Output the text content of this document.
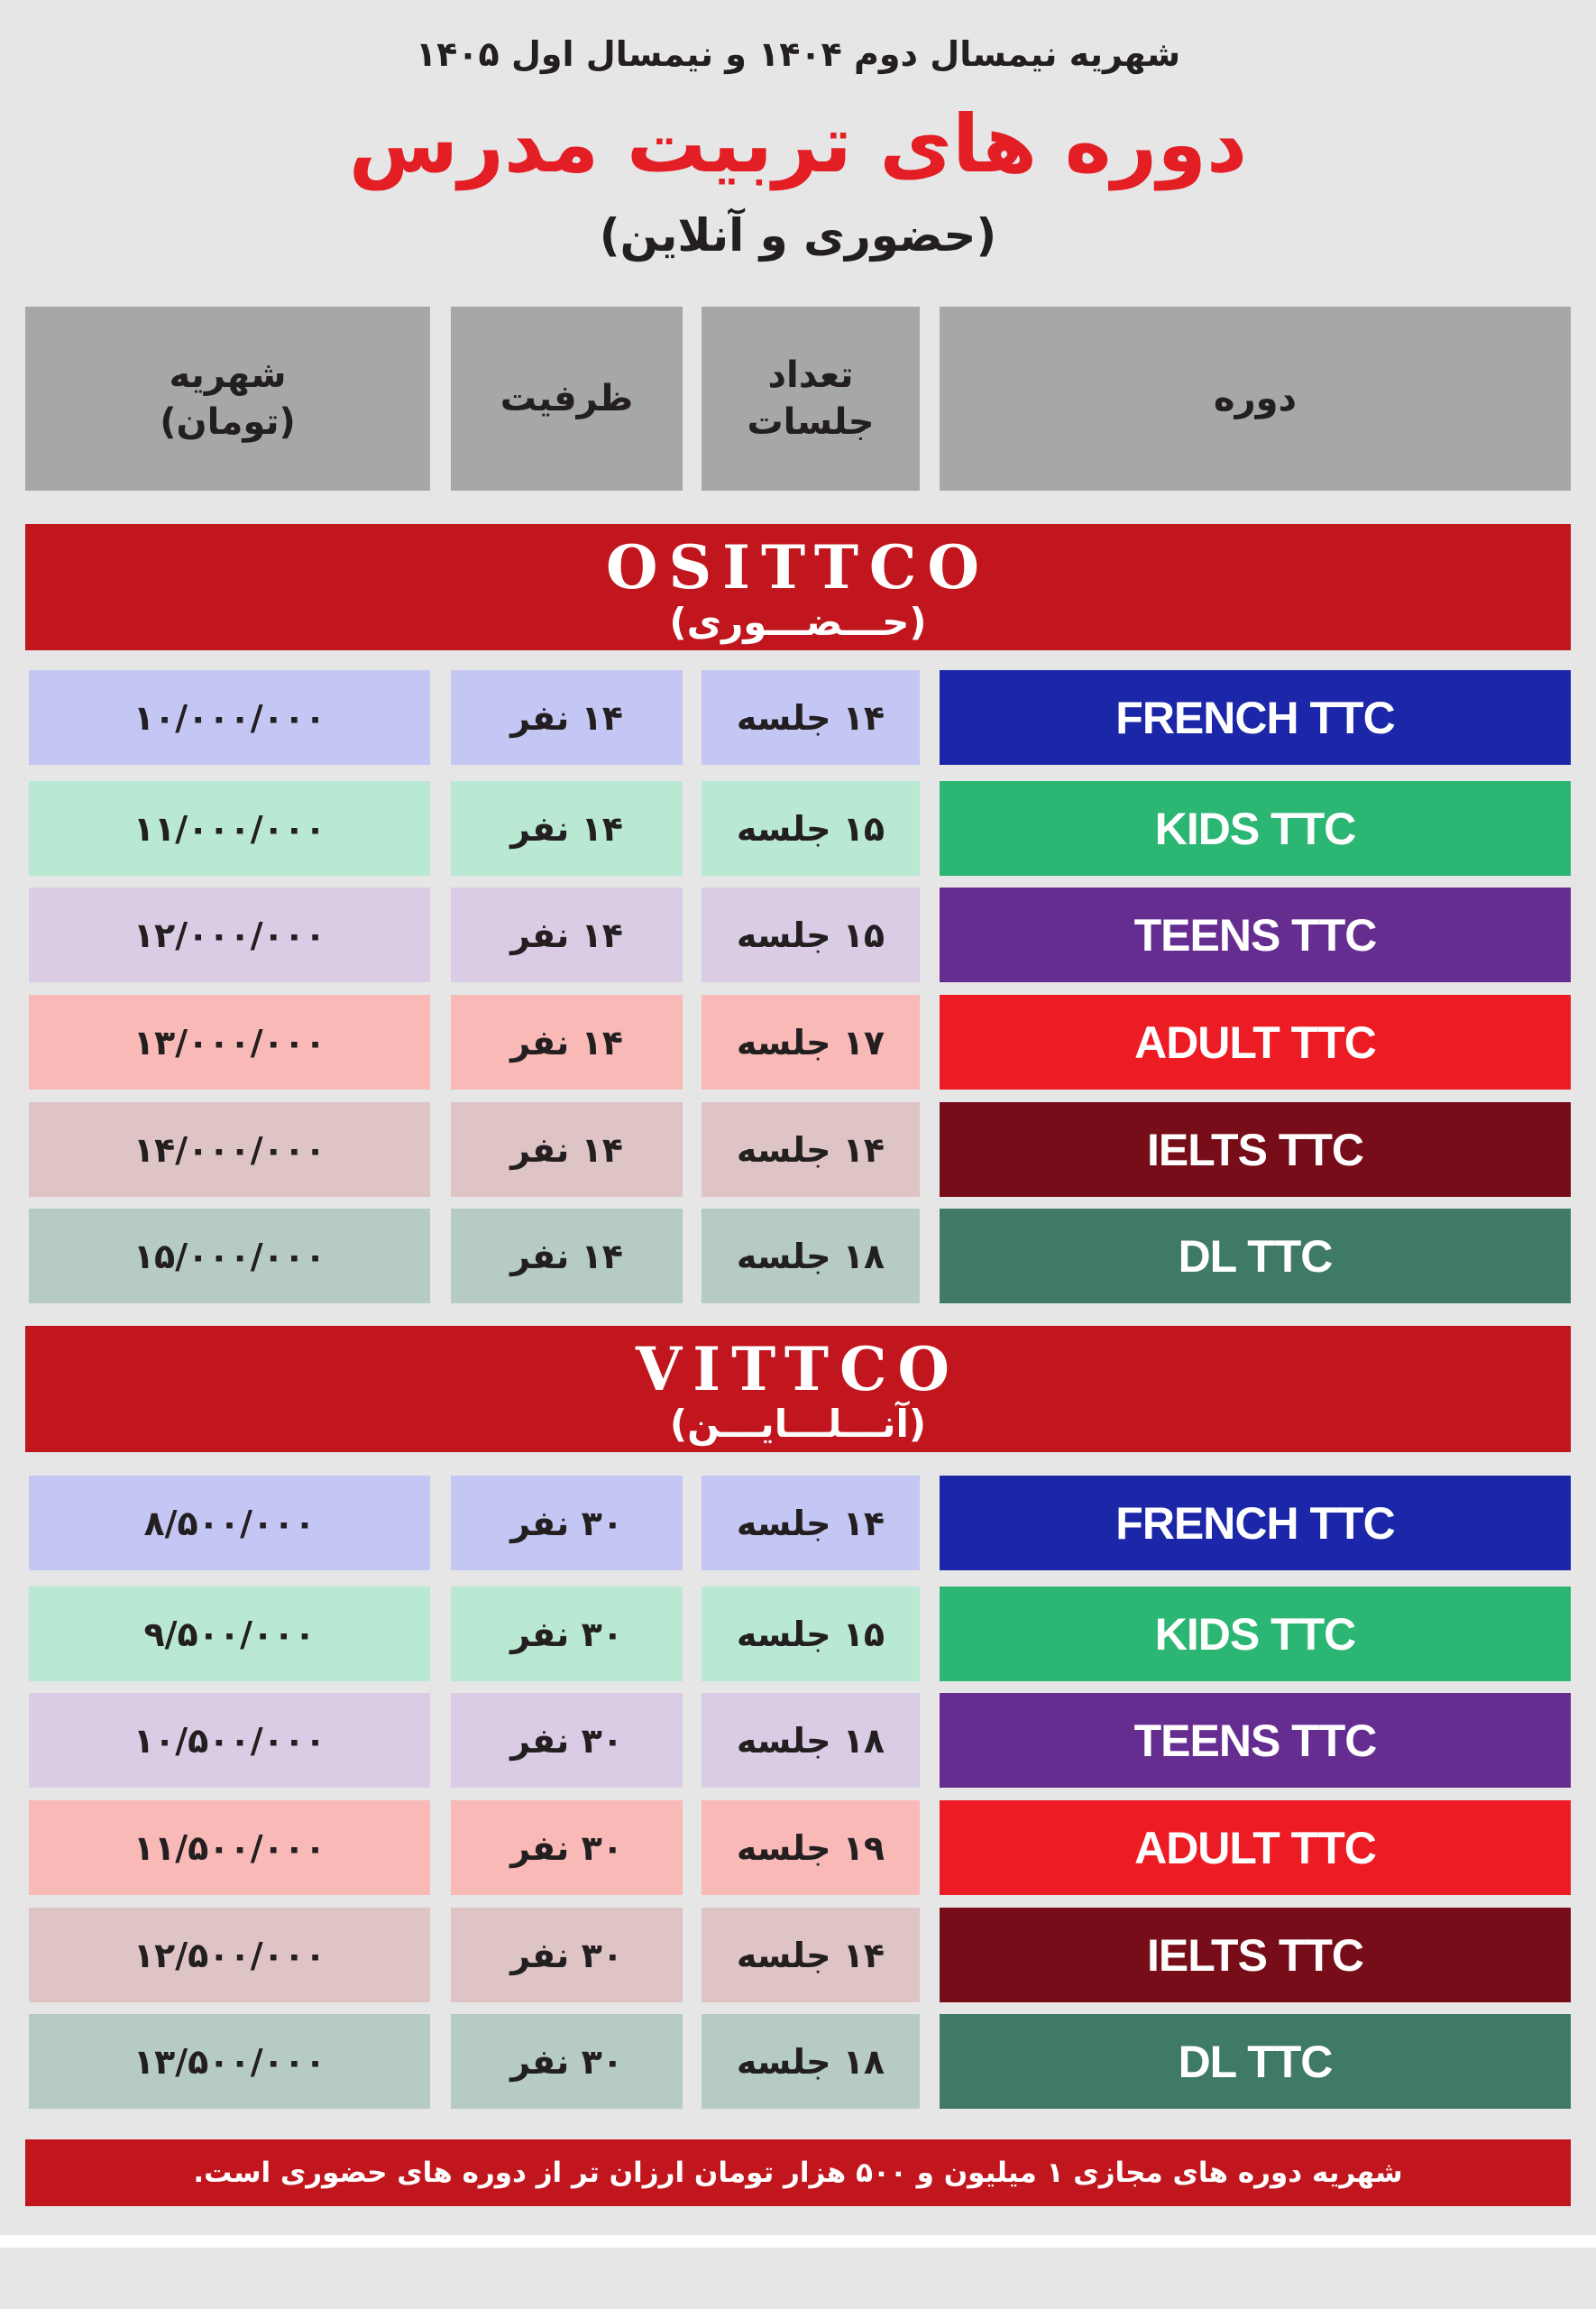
شهریه نیمسال دوم ۱۴۰۴ و نیمسال اول ۱۴۰۵
دوره های تربیت مدرس
(حضوری و آنلاین)
دوره
تعداد
جلسات
ظرفیت
شهریه
(تومان)
OSITTCO
(حـــضـــوری)
FRENCH TTC
۱۴ جلسه
۱۴ نفر
۱۰/۰۰۰/۰۰۰
KIDS TTC
۱۵ جلسه
۱۴ نفر
۱۱/۰۰۰/۰۰۰
TEENS TTC
۱۵ جلسه
۱۴ نفر
۱۲/۰۰۰/۰۰۰
ADULT TTC
۱۷ جلسه
۱۴ نفر
۱۳/۰۰۰/۰۰۰
IELTS TTC
۱۴ جلسه
۱۴ نفر
۱۴/۰۰۰/۰۰۰
DL TTC
۱۸ جلسه
۱۴ نفر
۱۵/۰۰۰/۰۰۰
VITTCO
(آنـــلـــایـــن)
FRENCH TTC
۱۴ جلسه
۳۰ نفر
۸/۵۰۰/۰۰۰
KIDS TTC
۱۵ جلسه
۳۰ نفر
۹/۵۰۰/۰۰۰
TEENS TTC
۱۸ جلسه
۳۰ نفر
۱۰/۵۰۰/۰۰۰
ADULT TTC
۱۹ جلسه
۳۰ نفر
۱۱/۵۰۰/۰۰۰
IELTS TTC
۱۴ جلسه
۳۰ نفر
۱۲/۵۰۰/۰۰۰
DL TTC
۱۸ جلسه
۳۰ نفر
۱۳/۵۰۰/۰۰۰
شهریه دوره های مجازی ۱ میلیون و ۵۰۰ هزار تومان ارزان تر از دوره های حضوری است.
